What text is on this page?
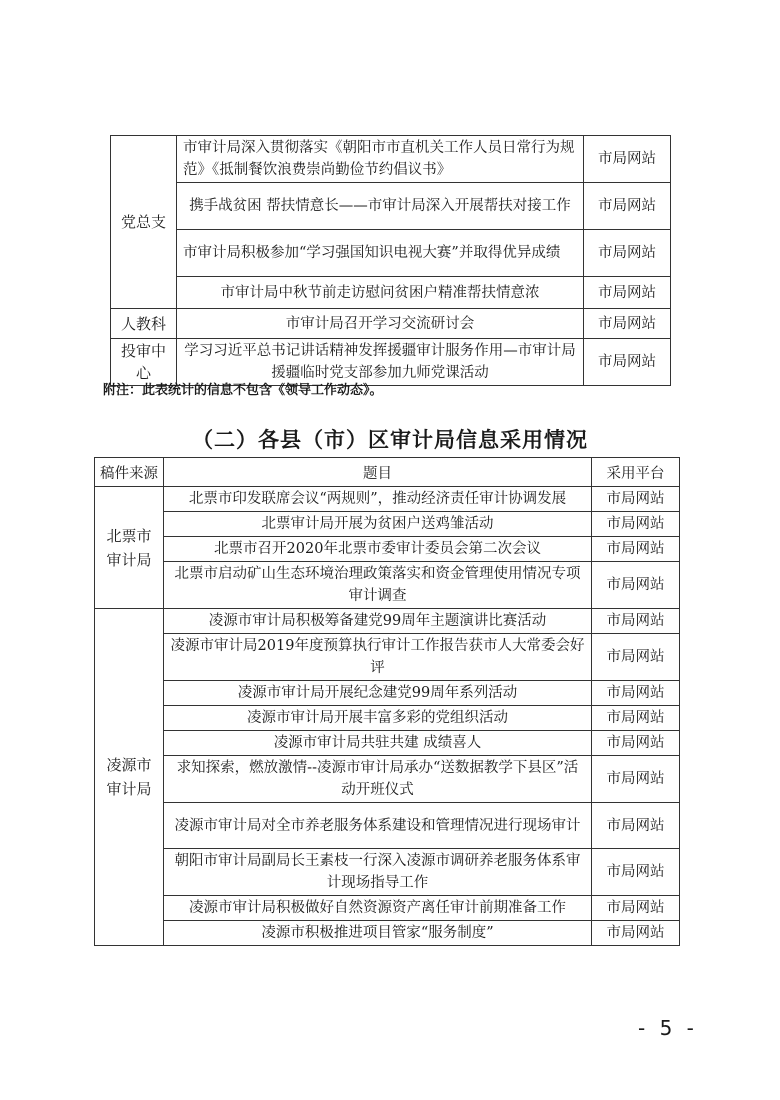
党总支	市审计局深入贯彻落实《朝阳市市直机关工作人员日常行为规范》《抵制餐饮浪费崇尚勤俭节约倡议书》	市局网站
	携手战贫困 帮扶情意长——市审计局深入开展帮扶对接工作	市局网站
	市审计局积极参加“学习强国知识电视大赛”并取得优异成绩	市局网站
	市审计局中秋节前走访慰问贫困户精准帮扶情意浓	市局网站
人教科	市审计局召开学习交流研讨会	市局网站
投审中心	学习习近平总书记讲话精神发挥援疆审计服务作用—市审计局援疆临时党支部参加九师党课活动	市局网站
附注：此表统计的信息不包含《领导工作动态》。
（二）各县（市）区审计局信息采用情况
稿件来源	题目	采用平台
北票市审计局	北票市印发联席会议“两规则”，推动经济责任审计协调发展	市局网站
	北票审计局开展为贫困户送鸡雏活动	市局网站
	北票市召开2020年北票市委审计委员会第二次会议	市局网站
	北票市启动矿山生态环境治理政策落实和资金管理使用情况专项审计调查	市局网站
凌源市审计局	凌源市审计局积极筹备建党99周年主题演讲比赛活动	市局网站
	凌源市审计局2019年度预算执行审计工作报告获市人大常委会好评	市局网站
	凌源市审计局开展纪念建党99周年系列活动	市局网站
	凌源市审计局开展丰富多彩的党组织活动	市局网站
	凌源市审计局共驻共建 成绩喜人	市局网站
	求知探索，燃放激情--凌源市审计局承办“送数据教学下县区”活动开班仪式	市局网站
	凌源市审计局对全市养老服务体系建设和管理情况进行现场审计	市局网站
	朝阳市审计局副局长王素枝一行深入凌源市调研养老服务体系审计现场指导工作	市局网站
	凌源市审计局积极做好自然资源资产离任审计前期准备工作	市局网站
	凌源市积极推进项目管家“服务制度”	市局网站
- 5 -
